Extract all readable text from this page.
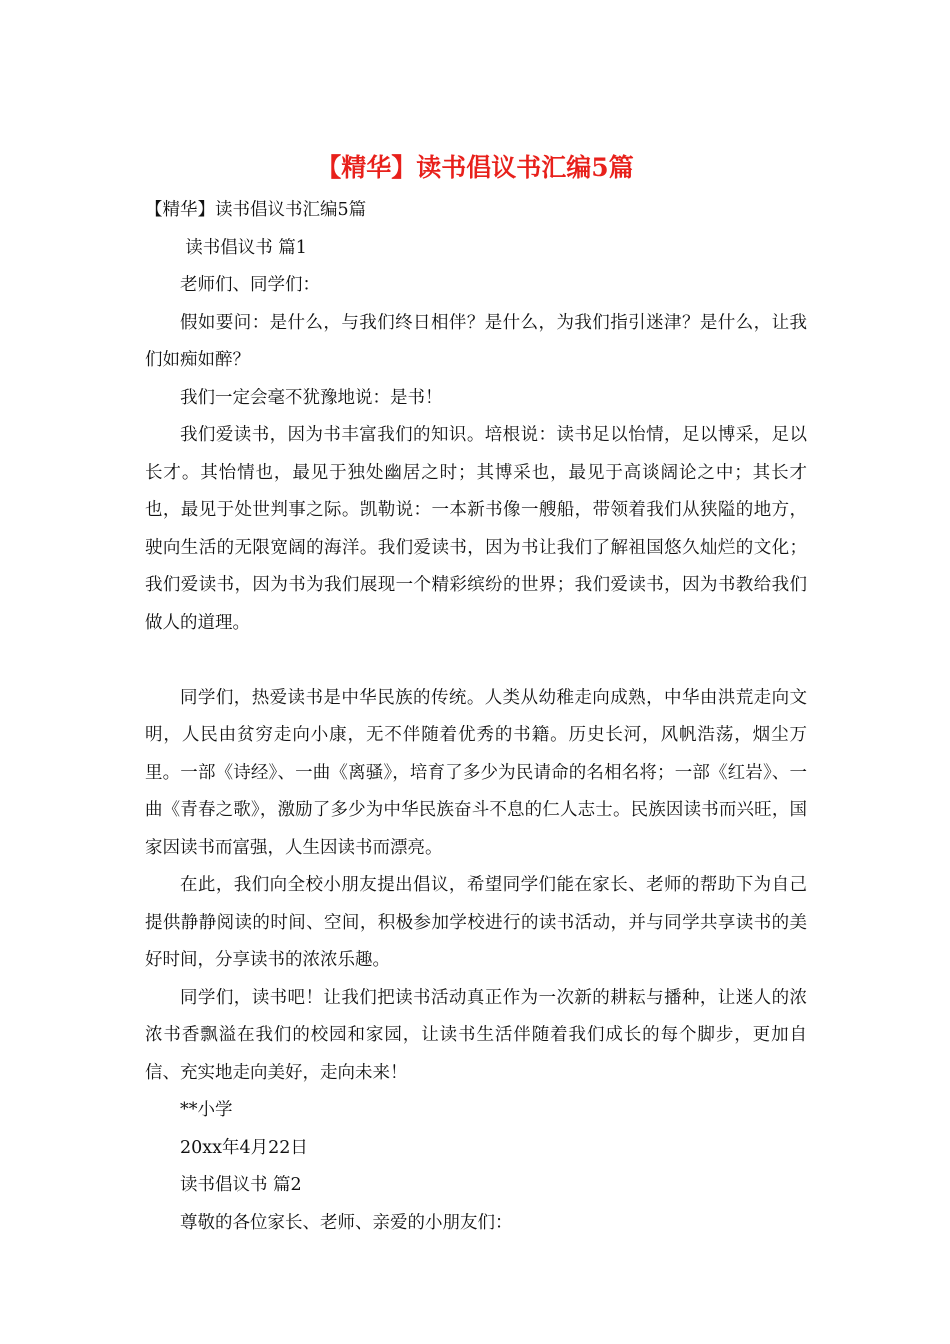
【精华】读书倡议书汇编5篇

【精华】读书倡议书汇编5篇

读书倡议书 篇1

老师们、同学们：

假如要问：是什么，与我们终日相伴？是什么，为我们指引迷津？是什么，让我们如痴如醉？

我们一定会毫不犹豫地说：是书！

我们爱读书，因为书丰富我们的知识。培根说：读书足以怡情，足以博采，足以长才。其怡情也，最见于独处幽居之时；其博采也，最见于高谈阔论之中；其长才也，最见于处世判事之际。凯勒说：一本新书像一艘船，带领着我们从狭隘的地方，驶向生活的无限宽阔的海洋。我们爱读书，因为书让我们了解祖国悠久灿烂的文化；我们爱读书，因为书为我们展现一个精彩缤纷的世界；我们爱读书，因为书教给我们做人的道理。

同学们，热爱读书是中华民族的传统。人类从幼稚走向成熟，中华由洪荒走向文明，人民由贫穷走向小康，无不伴随着优秀的书籍。历史长河，风帆浩荡，烟尘万里。一部《诗经》、一曲《离骚》，培育了多少为民请命的名相名将；一部《红岩》、一曲《青春之歌》，激励了多少为中华民族奋斗不息的仁人志士。民族因读书而兴旺，国家因读书而富强，人生因读书而漂亮。

在此，我们向全校小朋友提出倡议，希望同学们能在家长、老师的帮助下为自己提供静静阅读的时间、空间，积极参加学校进行的读书活动，并与同学共享读书的美好时间，分享读书的浓浓乐趣。

同学们，读书吧！让我们把读书活动真正作为一次新的耕耘与播种，让迷人的浓浓书香飘溢在我们的校园和家园，让读书生活伴随着我们成长的每个脚步，更加自信、充实地走向美好，走向未来！

**小学

20xx年4月22日

读书倡议书 篇2

尊敬的各位家长、老师、亲爱的小朋友们：
